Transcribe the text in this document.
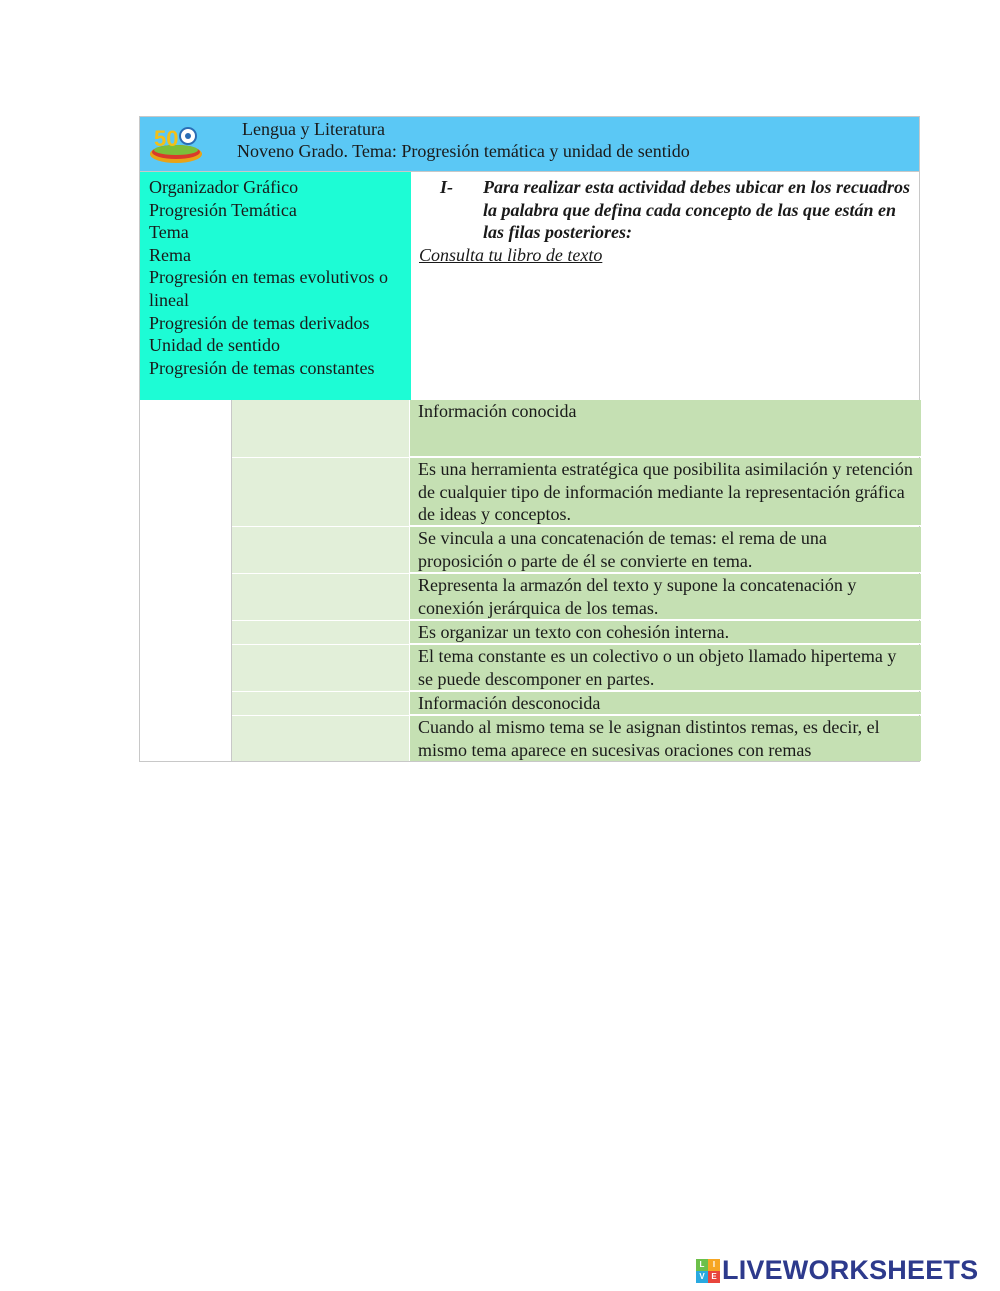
50	Lengua y Literatura
Noveno Grado. Tema: Progresión temática y unidad de sentido
Organizador Gráfico
Progresión Temática
Tema
Rema
Progresión en temas evolutivos o lineal
Progresión de temas derivados
Unidad de sentido
Progresión de temas constantes
I-	Para realizar esta actividad debes ubicar en los recuadros la palabra que defina cada concepto de las que están en las filas posteriores:
Consulta tu libro de texto
Información conocida
Es una herramienta estratégica que posibilita asimilación y retención de cualquier tipo de información mediante la representación gráfica de ideas y conceptos.
Se vincula a una concatenación de temas: el rema de una proposición o parte de él se convierte en tema.
Representa la armazón del texto y supone la concatenación y conexión jerárquica de los temas.
Es organizar un texto con cohesión interna.
El tema constante es un colectivo o un objeto llamado hipertema y se puede descomponer en partes.
Información desconocida
Cuando al mismo tema se le asignan distintos remas, es decir, el mismo tema aparece en sucesivas oraciones con remas
L	I
V E LIVEWORKSHEETS
